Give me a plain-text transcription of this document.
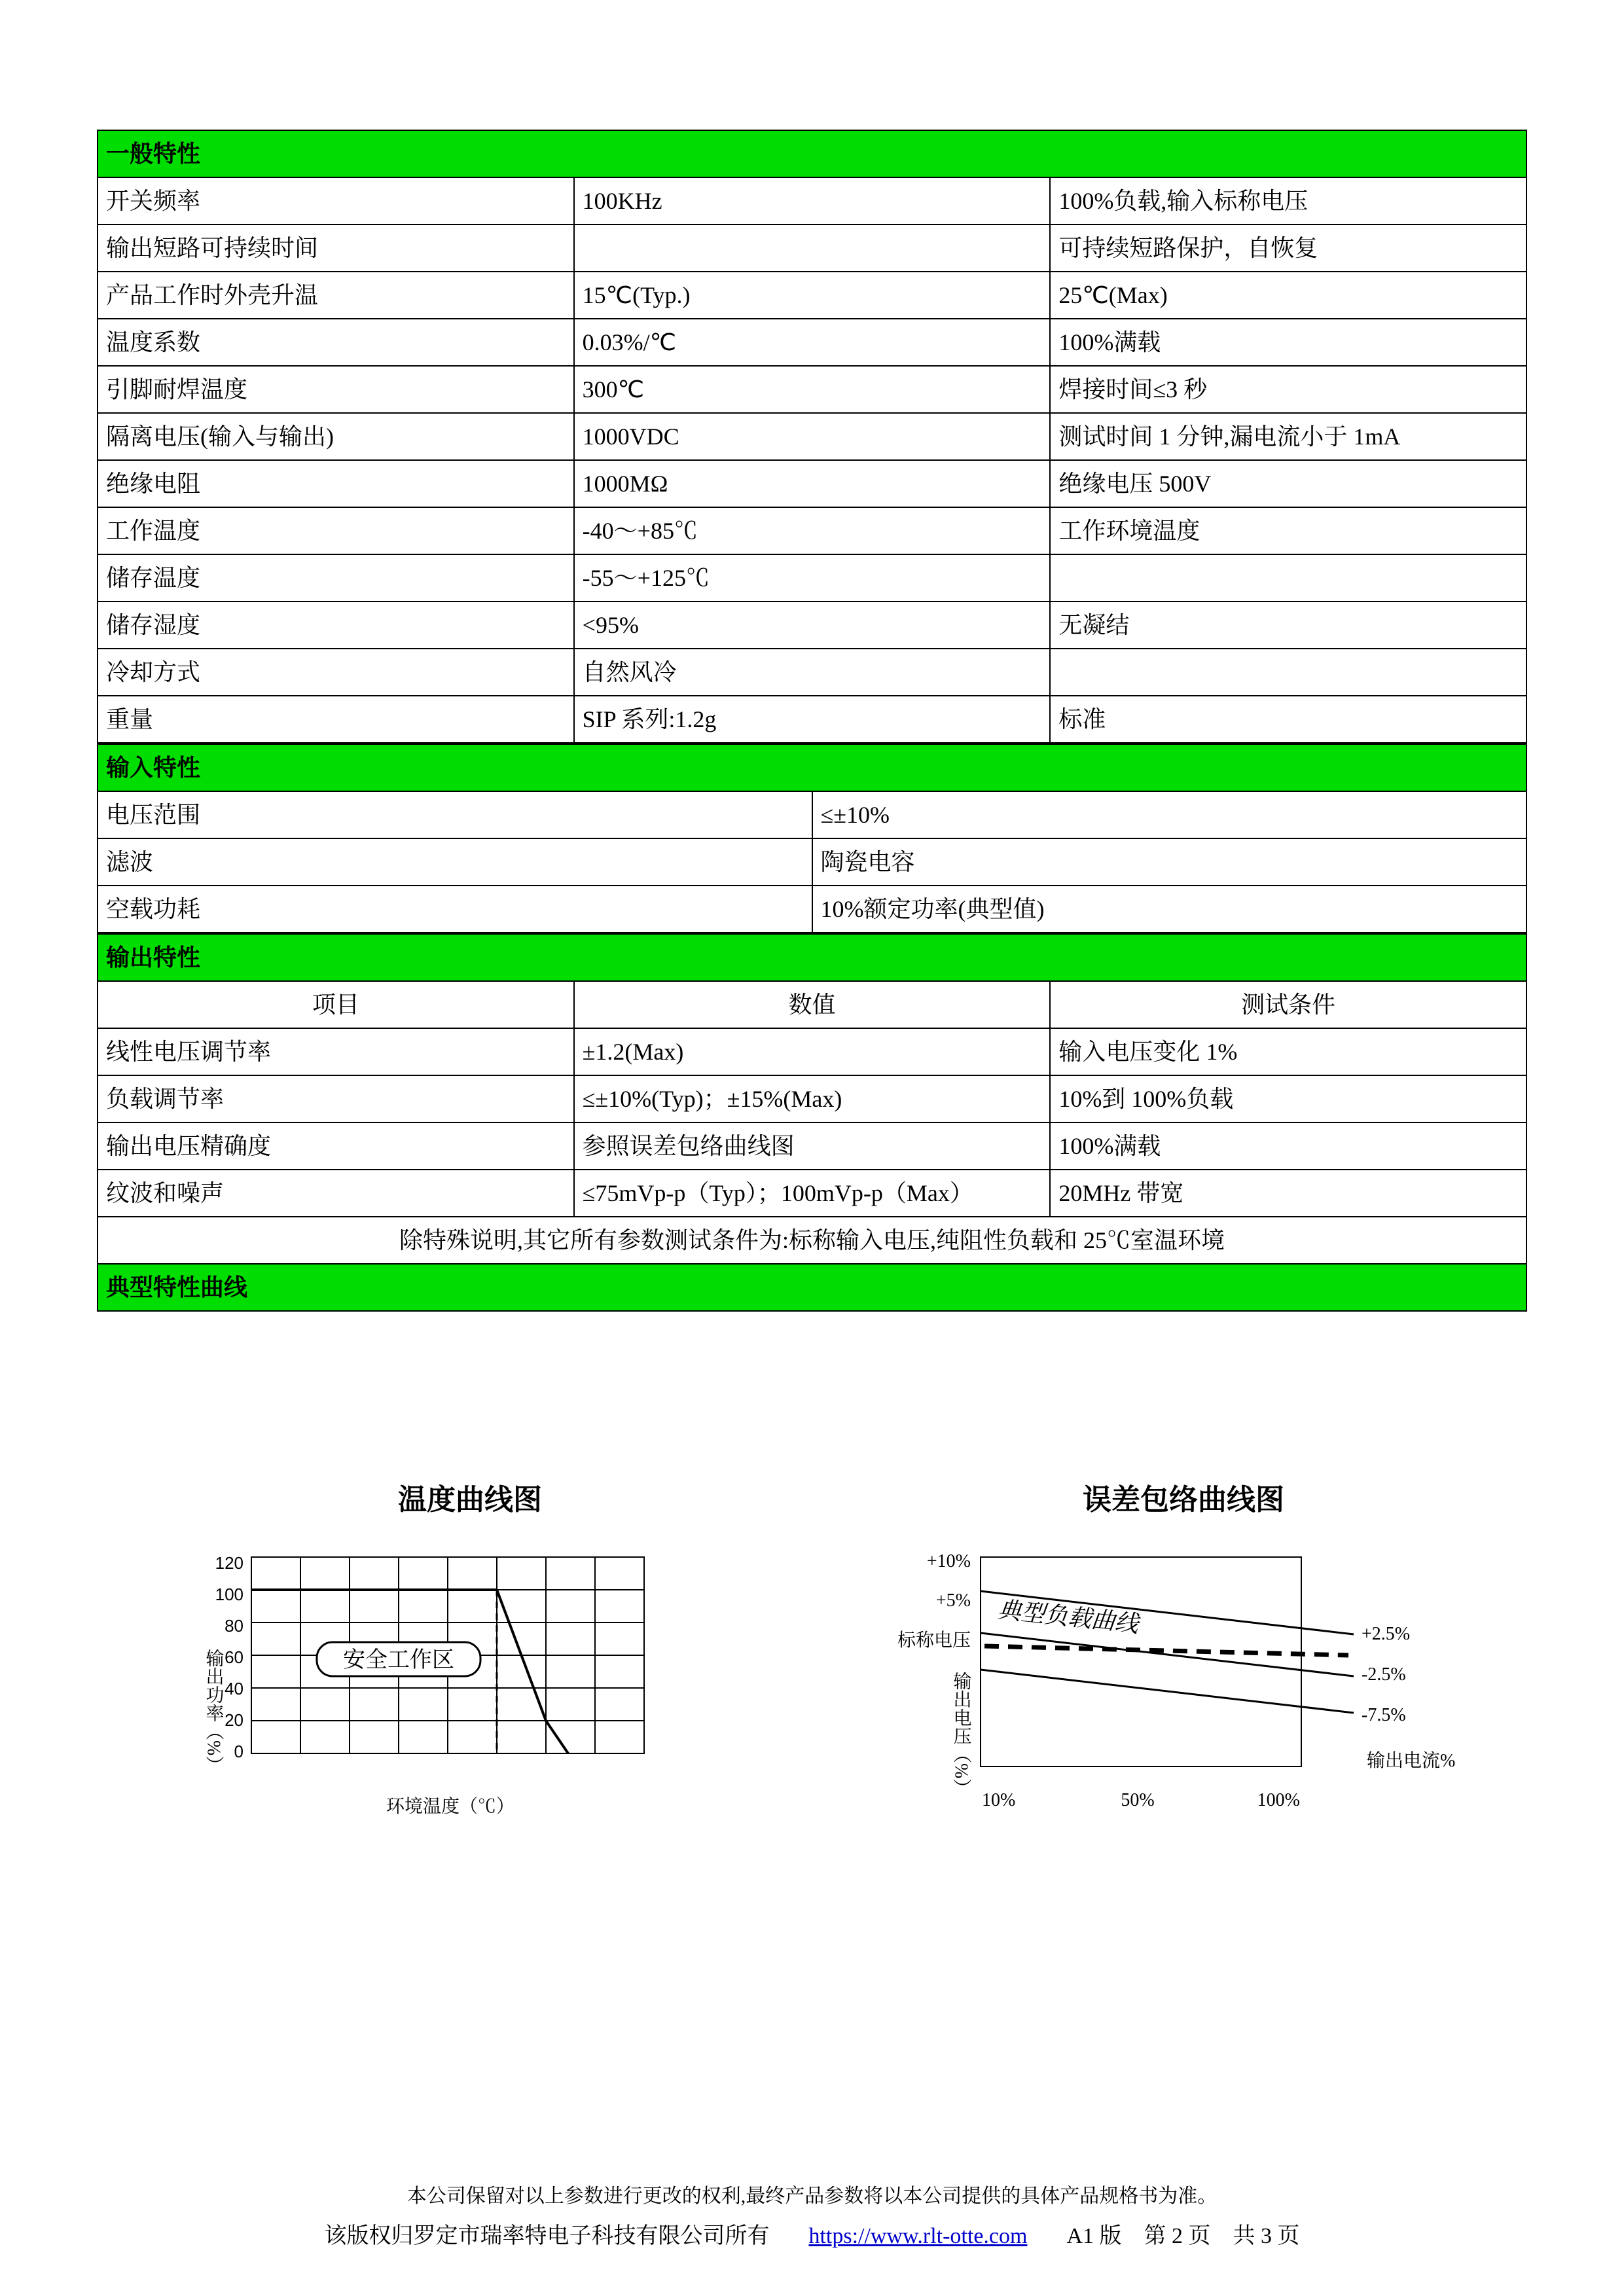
一般特性		
开关频率	100KHz	100%负载,输入标称电压
输出短路可持续时间		可持续短路保护，自恢复
产品工作时外壳升温	15℃(Typ.)	25℃(Max)
温度系数	0.03%/℃	100%满载
引脚耐焊温度	300℃	焊接时间≤3 秒
隔离电压(输入与输出)	1000VDC	测试时间 1 分钟,漏电流小于 1mA
绝缘电阻	1000MΩ	绝缘电压 500V
工作温度	-40～+85℃	工作环境温度
储存温度	-55～+125℃	
储存湿度	<95%	无凝结
冷却方式	自然风冷	
重量	SIP 系列:1.2g	标准
输入特性	
电压范围	≤±10%
滤波	陶瓷电容
空载功耗	10%额定功率(典型值)
输出特性		
项目	数值	测试条件
线性电压调节率	±1.2(Max)	输入电压变化 1%
负载调节率	≤±10%(Typ)；±15%(Max)	10%到 100%负载
输出电压精确度	参照误差包络曲线图	100%满载
纹波和噪声	≤75mVp-p（Typ）；100mVp-p（Max）	20MHz 带宽
除特殊说明,其它所有参数测试条件为:标称输入电压,纯阻性负载和 25℃室温环境		
典型特性曲线		
温度曲线图
输出功率（%）
120
100
80
60
40
20
0
安全工作区
环境温度（℃）
误差包络曲线图
+10%
+5%
标称电压
输出电压（%）
典型负载曲线	+2.5%
-2.5%
-7.5%
输出电流%
10%	50%	100%
本公司保留对以上参数进行更改的权利,最终产品参数将以本公司提供的具体产品规格书为准。
该版权归罗定市瑞率特电子科技有限公司所有 https://www.rlt-otte.com A1 版　第 2 页　共 3 页
